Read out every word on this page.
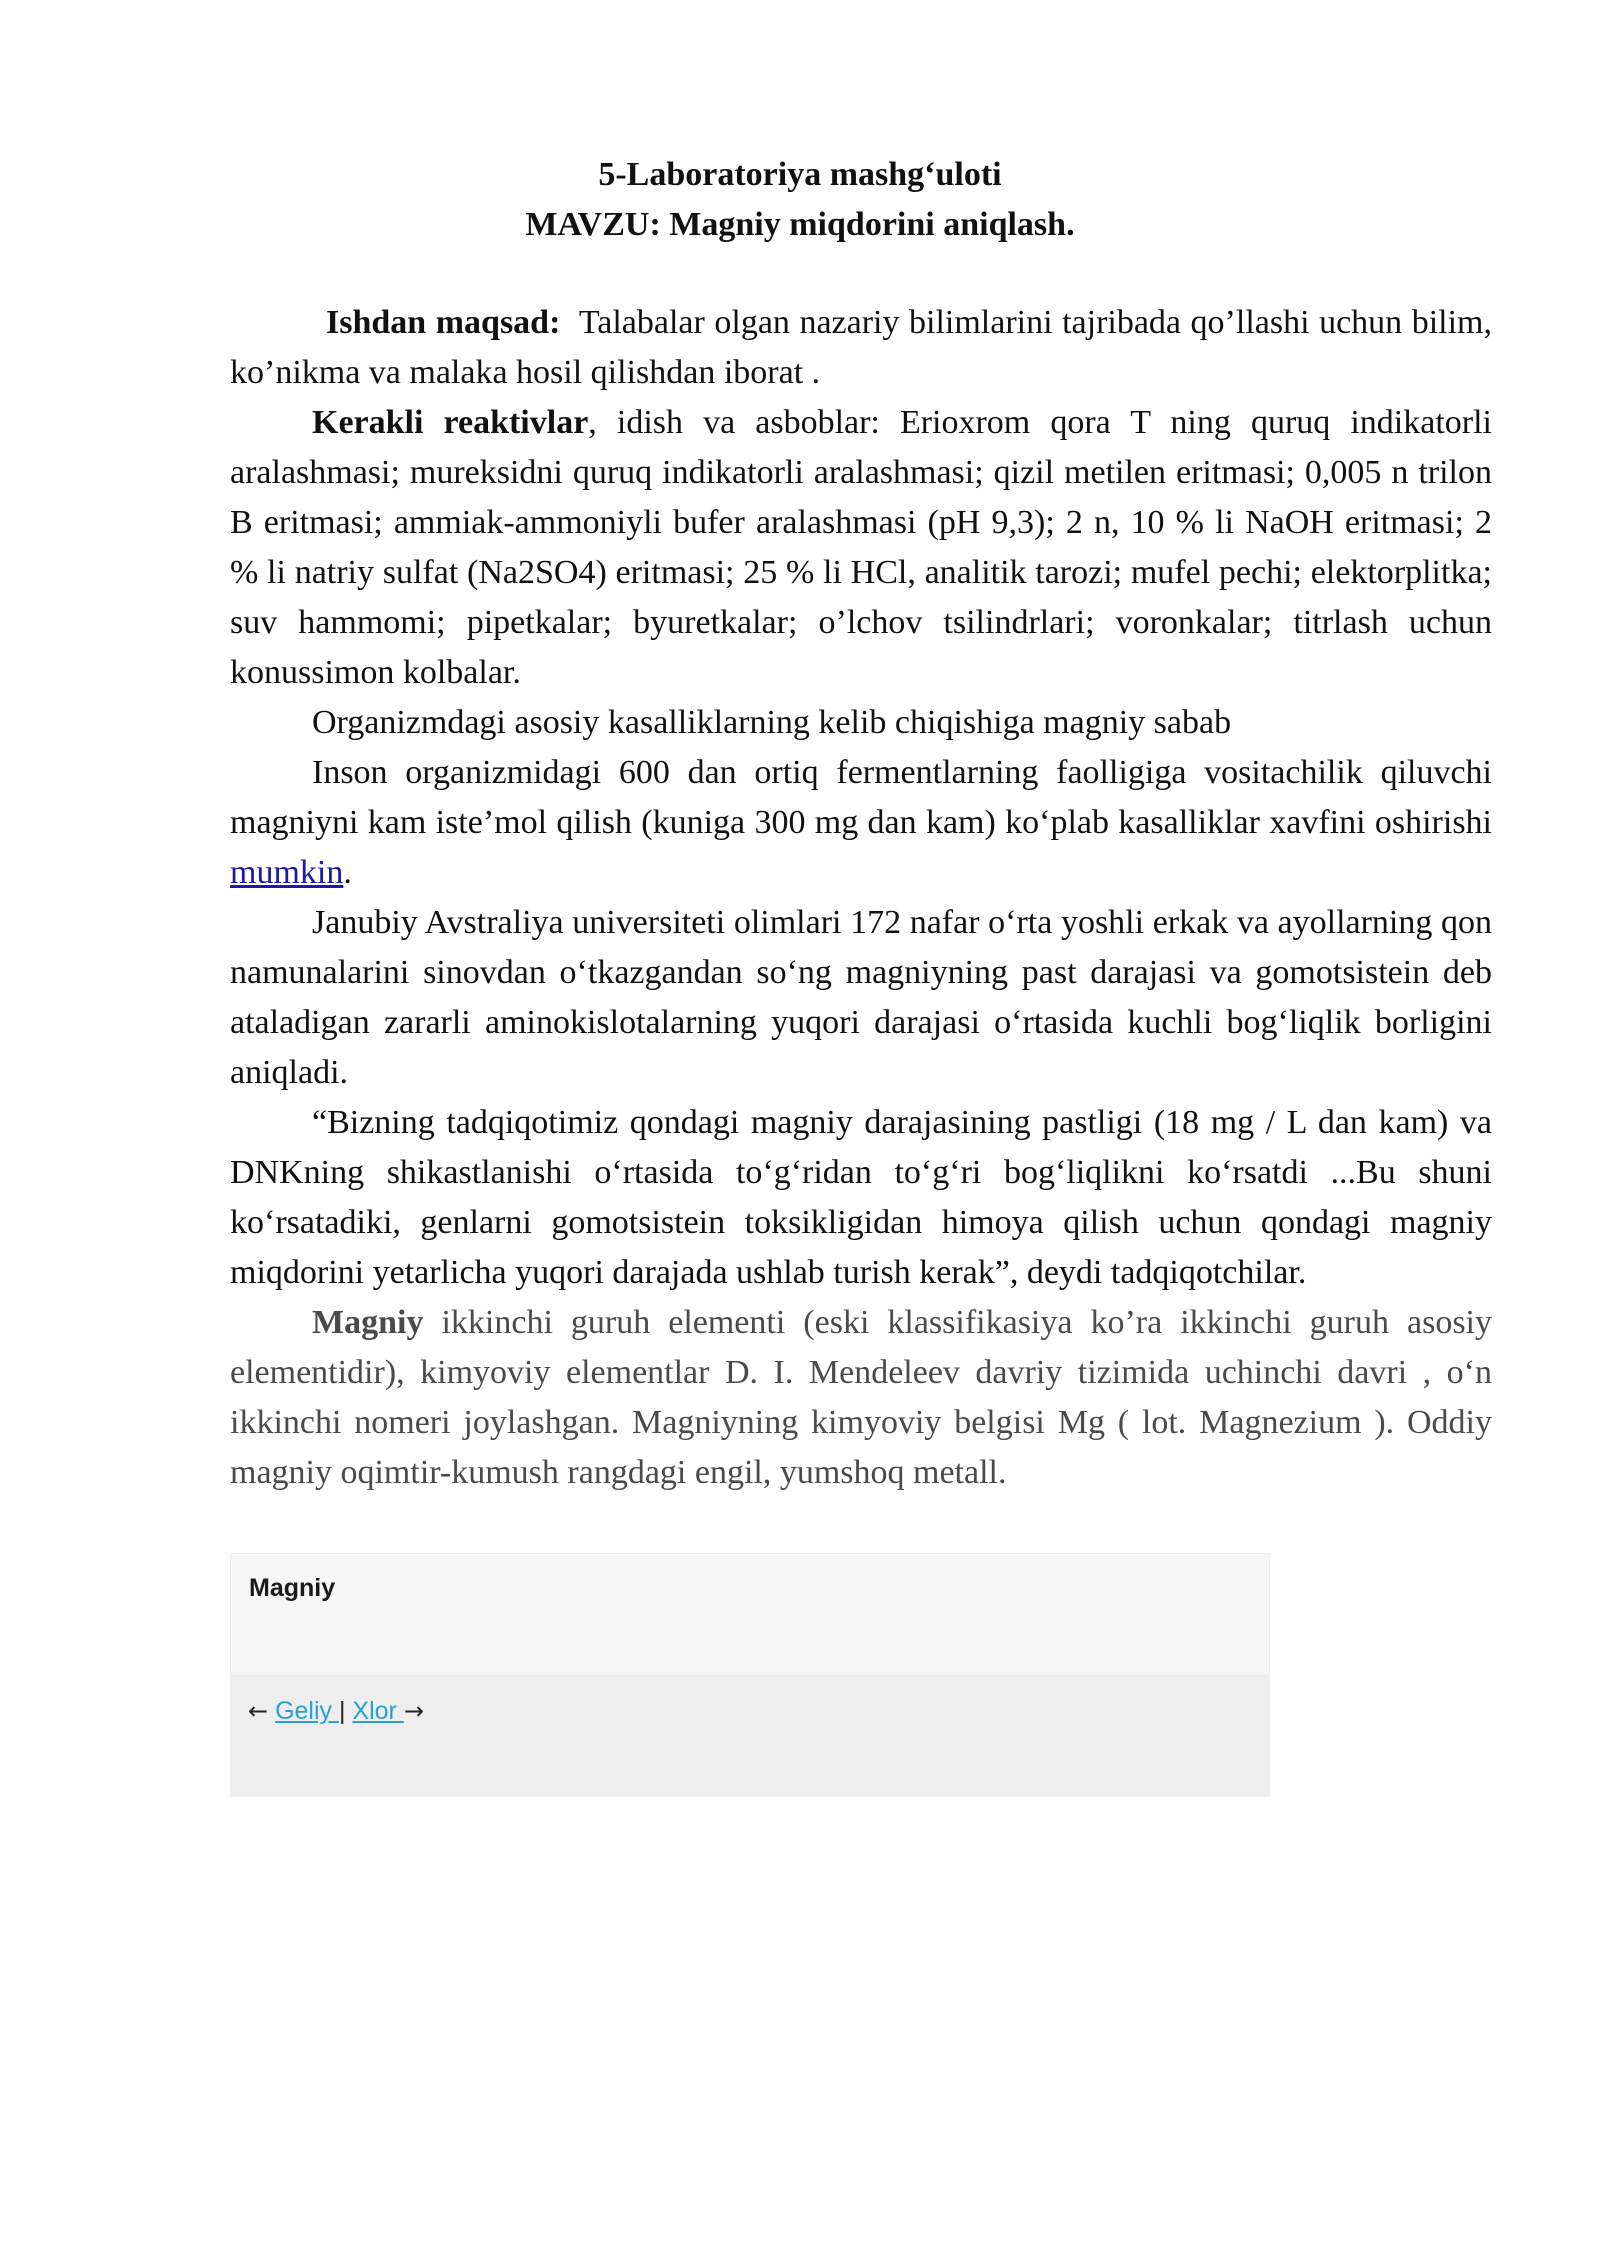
5-Laboratoriya mashg‘uloti
MAVZU: Magniy miqdorini aniqlash.

Ishdan maqsad: Talabalar olgan nazariy bilimlarini tajribada qo’llashi uchun bilim, ko’nikma va malaka hosil qilishdan iborat .

Kerakli reaktivlar, idish va asboblar: Erioxrom qora T ning quruq indikatorli aralashmasi; mureksidni quruq indikatorli aralashmasi; qizil metilen eritmasi; 0,005 n trilon B eritmasi; ammiak-ammoniyli bufer aralashmasi (pH 9,3); 2 n, 10 % li NaOH eritmasi; 2 % li natriy sulfat (Na2SO4) eritmasi; 25 % li HCl, analitik tarozi; mufel pechi; elektorplitka; suv hammomi; pipetkalar; byuretkalar; o’lchov tsilindrlari; voronkalar; titrlash uchun konussimon kolbalar.

Organizmdagi asosiy kasalliklarning kelib chiqishiga magniy sabab

Inson organizmidagi 600 dan ortiq fermentlarning faolligiga vositachilik qiluvchi magniyni kam iste’mol qilish (kuniga 300 mg dan kam) ko‘plab kasalliklar xavfini oshirishi mumkin.

Janubiy Avstraliya universiteti olimlari 172 nafar o‘rta yoshli erkak va ayollarning qon namunalarini sinovdan o‘tkazgandan so‘ng magniyning past darajasi va gomotsistein deb ataladigan zararli aminokislotalarning yuqori darajasi o‘rtasida kuchli bog‘liqlik borligini aniqladi.

“Bizning tadqiqotimiz qondagi magniy darajasining pastligi (18 mg / L dan kam) va DNKning shikastlanishi o‘rtasida to‘g‘ridan to‘g‘ri bog‘liqlikni ko‘rsatdi ...Bu shuni ko‘rsatadiki, genlarni gomotsistein toksikligidan himoya qilish uchun qondagi magniy miqdorini yetarlicha yuqori darajada ushlab turish kerak”, deydi tadqiqotchilar.

Magniy ikkinchi guruh elementi (eski klassifikasiya ko’ra ikkinchi guruh asosiy elementidir), kimyoviy elementlar D. I. Mendeleev davriy tizimida uchinchi davri , o‘n ikkinchi nomeri joylashgan. Magniyning kimyoviy belgisi Mg ( lot. Magnezium ). Oddiy magniy oqimtir-kumush rangdagi engil, yumshoq metall.

Magniy
← Geliy | Xlor →
